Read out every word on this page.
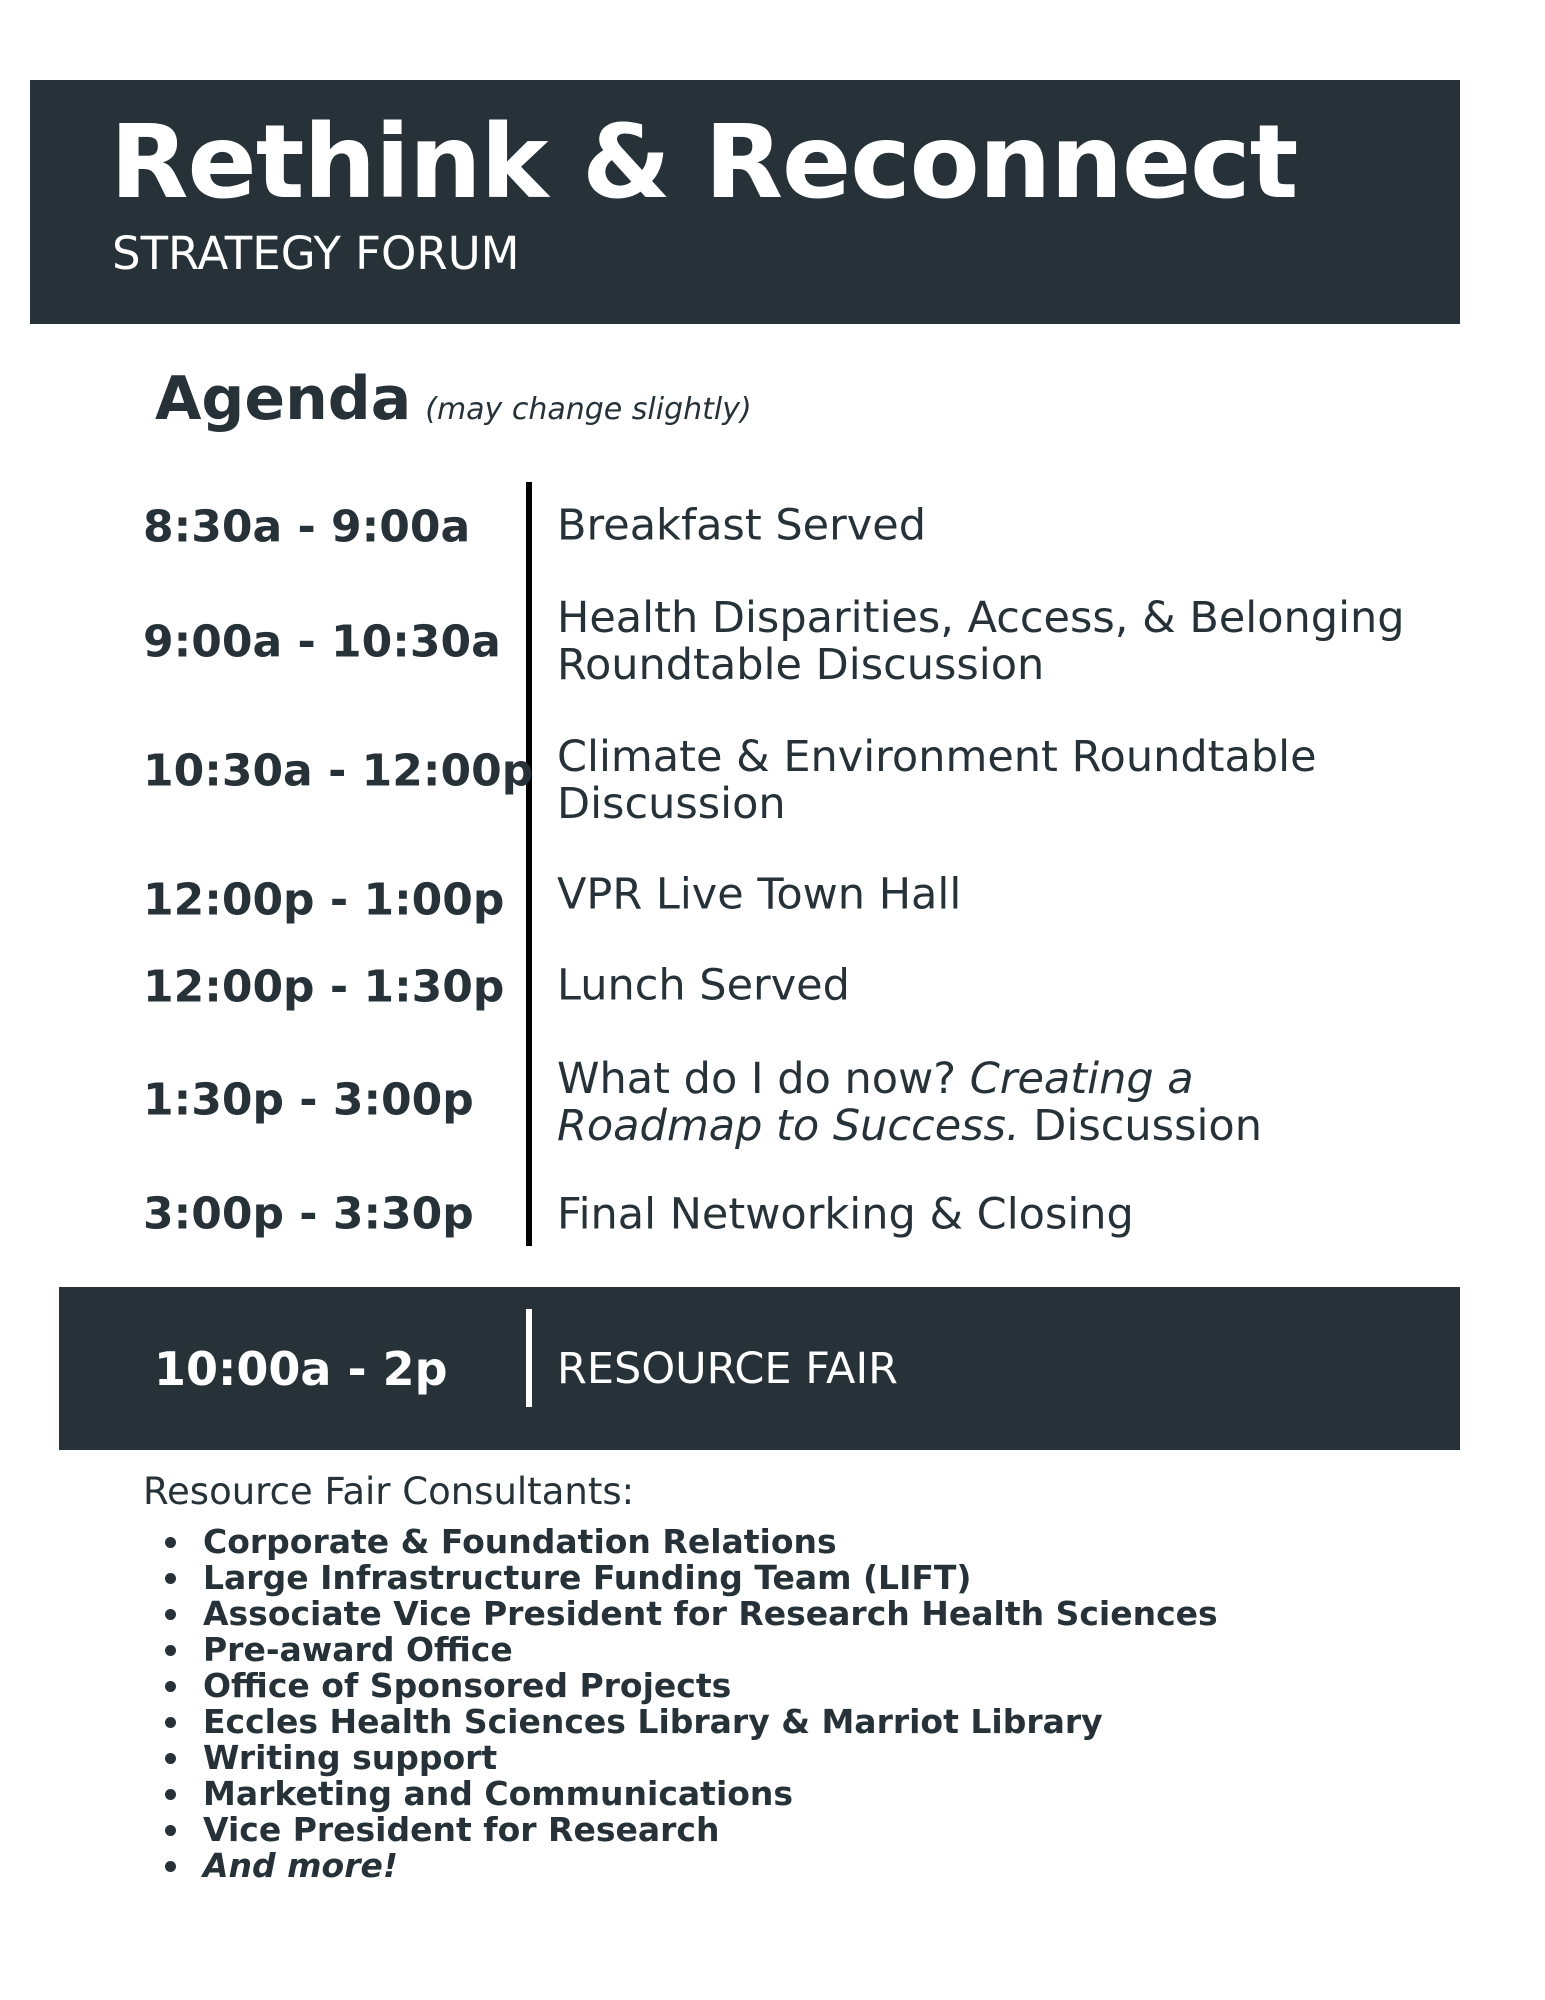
Rethink & Reconnect
STRATEGY FORUM
Agenda (may change slightly)
8:30a - 9:00a Breakfast Served
9:00a - 10:30a Health Disparities, Access, & Belonging
Roundtable Discussion
10:30a - 12:00p Climate & Environment Roundtable
Discussion
12:00p - 1:00p VPR Live Town Hall
12:00p - 1:30p Lunch Served
1:30p - 3:00p What do I do now? Creating a
Roadmap to Success. Discussion
3:00p - 3:30p Final Networking & Closing
10:00a - 2p	RESOURCE FAIR
Resource Fair Consultants:
Corporate & Foundation Relations
Large Infrastructure Funding Team (LIFT)
Associate Vice President for Research Health Sciences
Pre-award Office
Office of Sponsored Projects
Eccles Health Sciences Library & Marriot Library
Writing support
Marketing and Communications
Vice President for Research
And more!
